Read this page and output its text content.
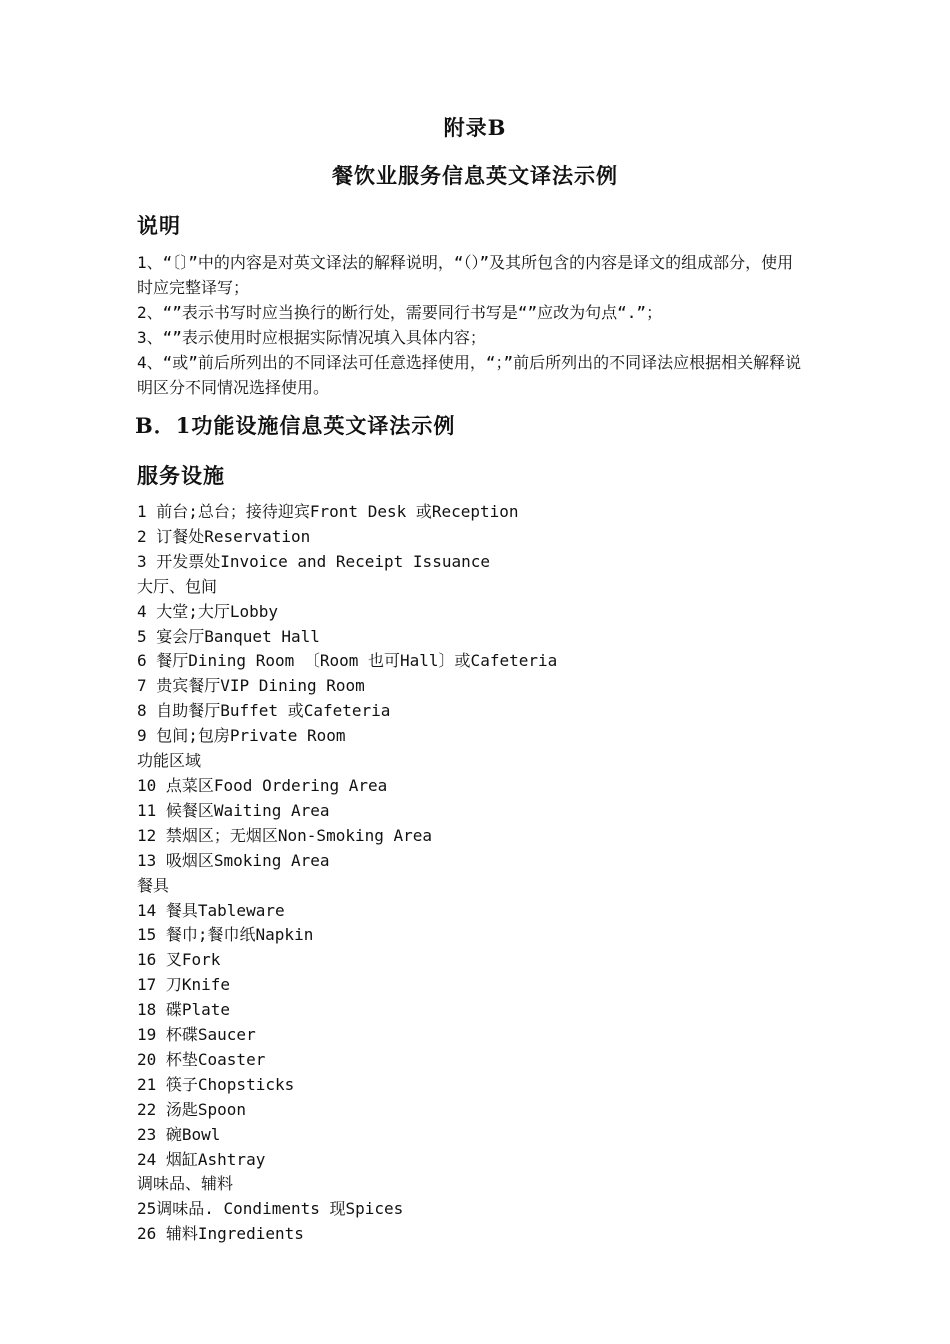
附录B
餐饮业服务信息英文译法示例
说明

1、“〔〕”中的内容是对英文译法的解释说明，“（）”及其所包含的内容是译文的组成部分，使用时应完整译写；

2、“”表示书写时应当换行的断行处，需要同行书写是“”应改为句点“.”；

3、“”表示使用时应根据实际情况填入具体内容；

4、“或”前后所列出的不同译法可任意选择使用，“；”前后所列出的不同译法应根据相关解释说明区分不同情况选择使用。

B．1功能设施信息英文译法示例
服务设施
1 前台;总台；接待迎宾Front Desk 或Reception
2 订餐处Reservation
3 开发票处Invoice and Receipt Issuance
大厅、包间
4 大堂;大厅Lobby
5 宴会厅Banquet Hall
6 餐厅Dining Room 〔Room 也可Hall〕或Cafeteria
7 贵宾餐厅VIP Dining Room
8 自助餐厅Buffet 或Cafeteria
9 包间;包房Private Room
功能区域
10 点菜区Food Ordering Area
11 候餐区Waiting Area
12 禁烟区；无烟区Non-Smoking Area
13 吸烟区Smoking Area
餐具
14 餐具Tableware
15 餐巾;餐巾纸Napkin
16 叉Fork
17 刀Knife
18 碟Plate
19 杯碟Saucer
20 杯垫Coaster
21 筷子Chopsticks
22 汤匙Spoon
23 碗Bowl
24 烟缸Ashtray
调味品、辅料
25调味品. Condiments 现Spices
26 辅料Ingredients
